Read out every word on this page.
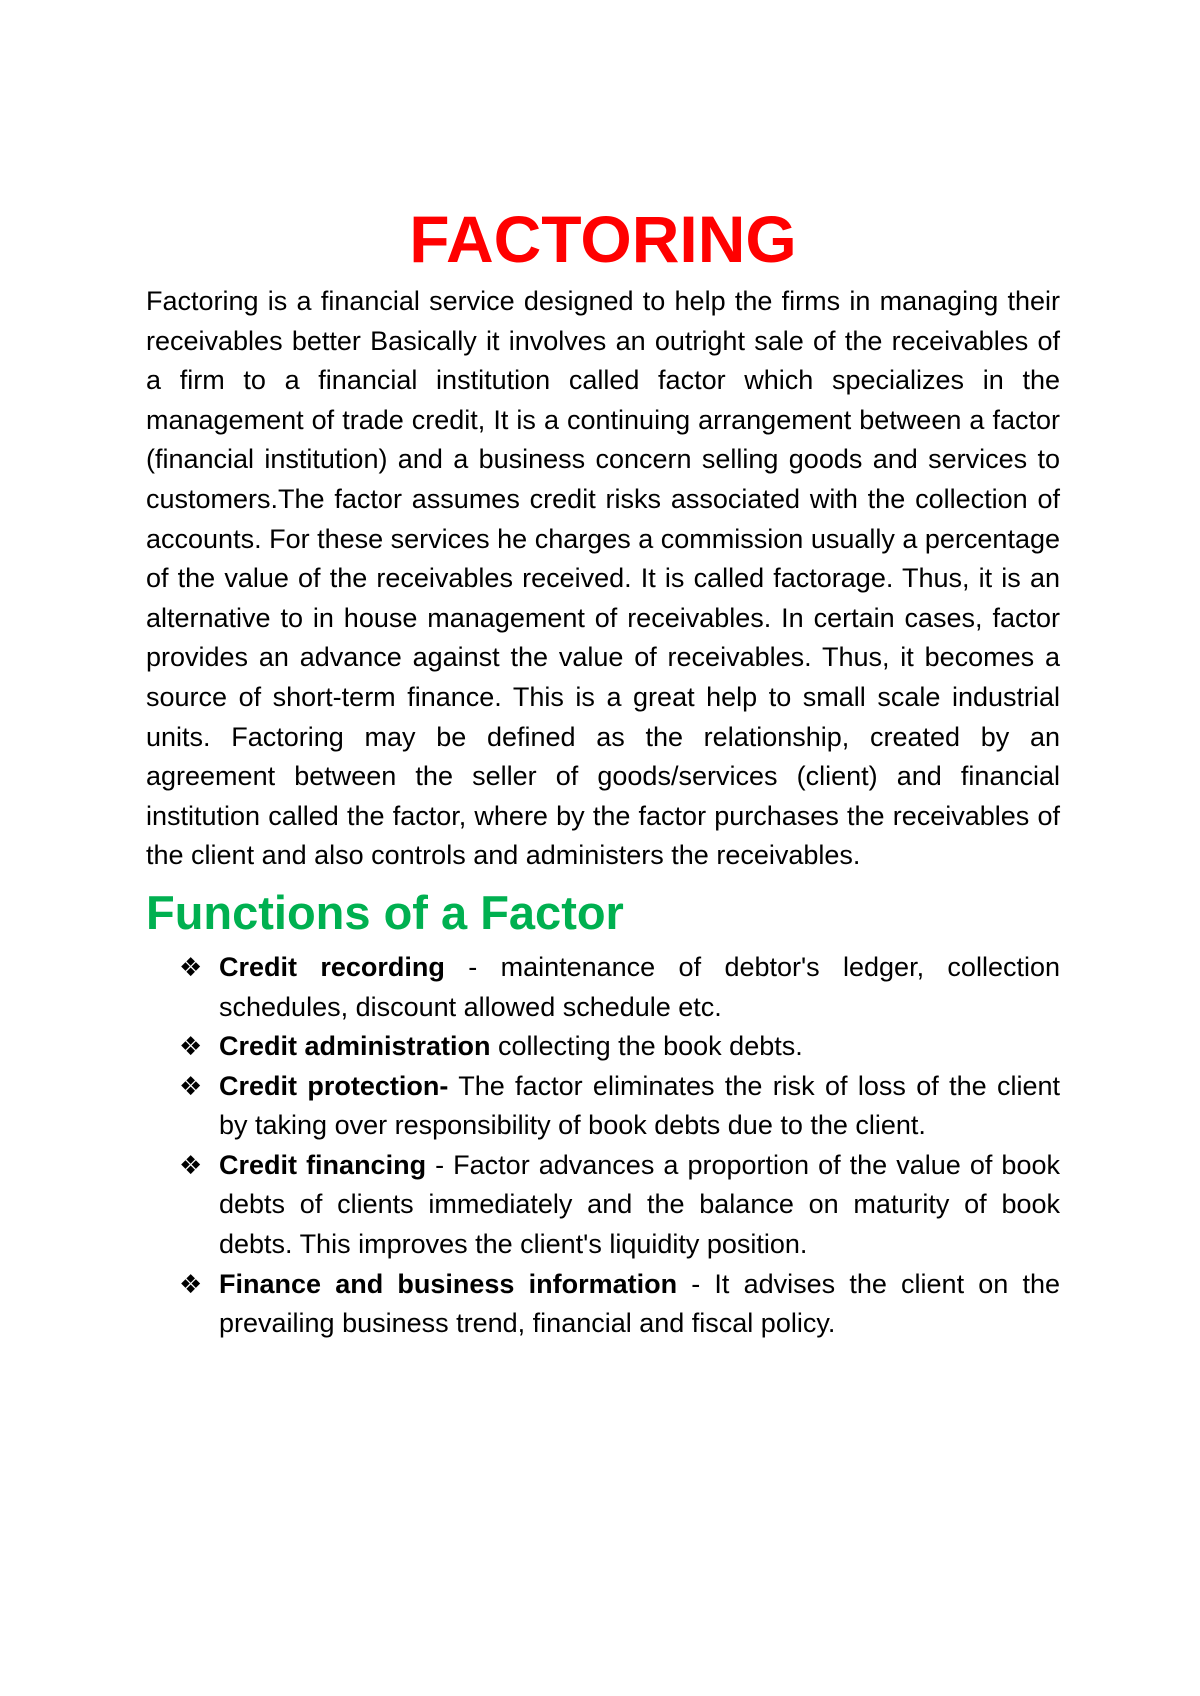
FACTORING

Factoring is a financial service designed to help the firms in managing their receivables better Basically it involves an outright sale of the receivables of a firm to a financial institution called factor which specializes in the management of trade credit, It is a continuing arrangement between a factor (financial institution) and a business concern selling goods and services to customers.The factor assumes credit risks associated with the collection of accounts. For these services he charges a commission usually a percentage of the value of the receivables received. It is called factorage. Thus, it is an alternative to in house management of receivables. In certain cases, factor provides an advance against the value of receivables. Thus, it becomes a source of short-term finance. This is a great help to small scale industrial units. Factoring may be defined as the relationship, created by an agreement between the seller of goods/services (client) and financial institution called the factor, where by the factor purchases the receivables of the client and also controls and administers the receivables.

Functions of a Factor
❖ Credit recording - maintenance of debtor's ledger, collection schedules, discount allowed schedule etc.
❖ Credit administration collecting the book debts.
❖ Credit protection- The factor eliminates the risk of loss of the client by taking over responsibility of book debts due to the client.
❖ Credit financing - Factor advances a proportion of the value of book debts of clients immediately and the balance on maturity of book debts. This improves the client's liquidity position.
❖ Finance and business information - It advises the client on the prevailing business trend, financial and fiscal policy.
